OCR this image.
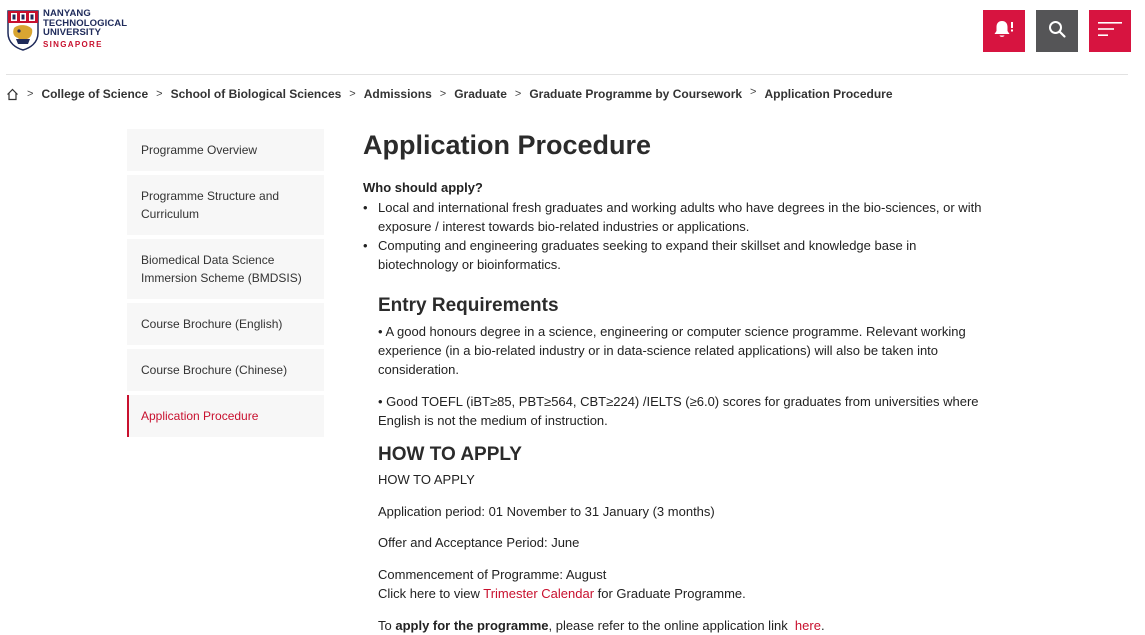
NANYANG
TECHNOLOGICAL
UNIVERSITY
SINGAPORE
> College of Science > School of Biological Sciences > Admissions > Graduate > Graduate Programme by Coursework > Application Procedure
Programme Overview
Programme Structure and Curriculum
Biomedical Data Science Immersion Scheme (BMDSIS)
Course Brochure (English)
Course Brochure (Chinese)
Application Procedure
Application Procedure
Who should apply?
• Local and international fresh graduates and working adults who have degrees in the bio-sciences, or with exposure / interest towards bio-related industries or applications.
• Computing and engineering graduates seeking to expand their skillset and knowledge base in biotechnology or bioinformatics.
Entry Requirements

• A good honours degree in a science, engineering or computer science programme. Relevant working experience (in a bio-related industry or in data-science related applications) will also be taken into consideration.

• Good TOEFL (iBT≥85, PBT≥564, CBT≥224) /IELTS (≥6.0) scores for graduates from universities where English is not the medium of instruction.

HOW TO APPLY

HOW TO APPLY

Application period: 01 November to 31 January (3 months)

Offer and Acceptance Period: June

Commencement of Programme: August

Click here to view Trimester Calendar for Graduate Programme.

To apply for the programme, please refer to the online application link  here.
